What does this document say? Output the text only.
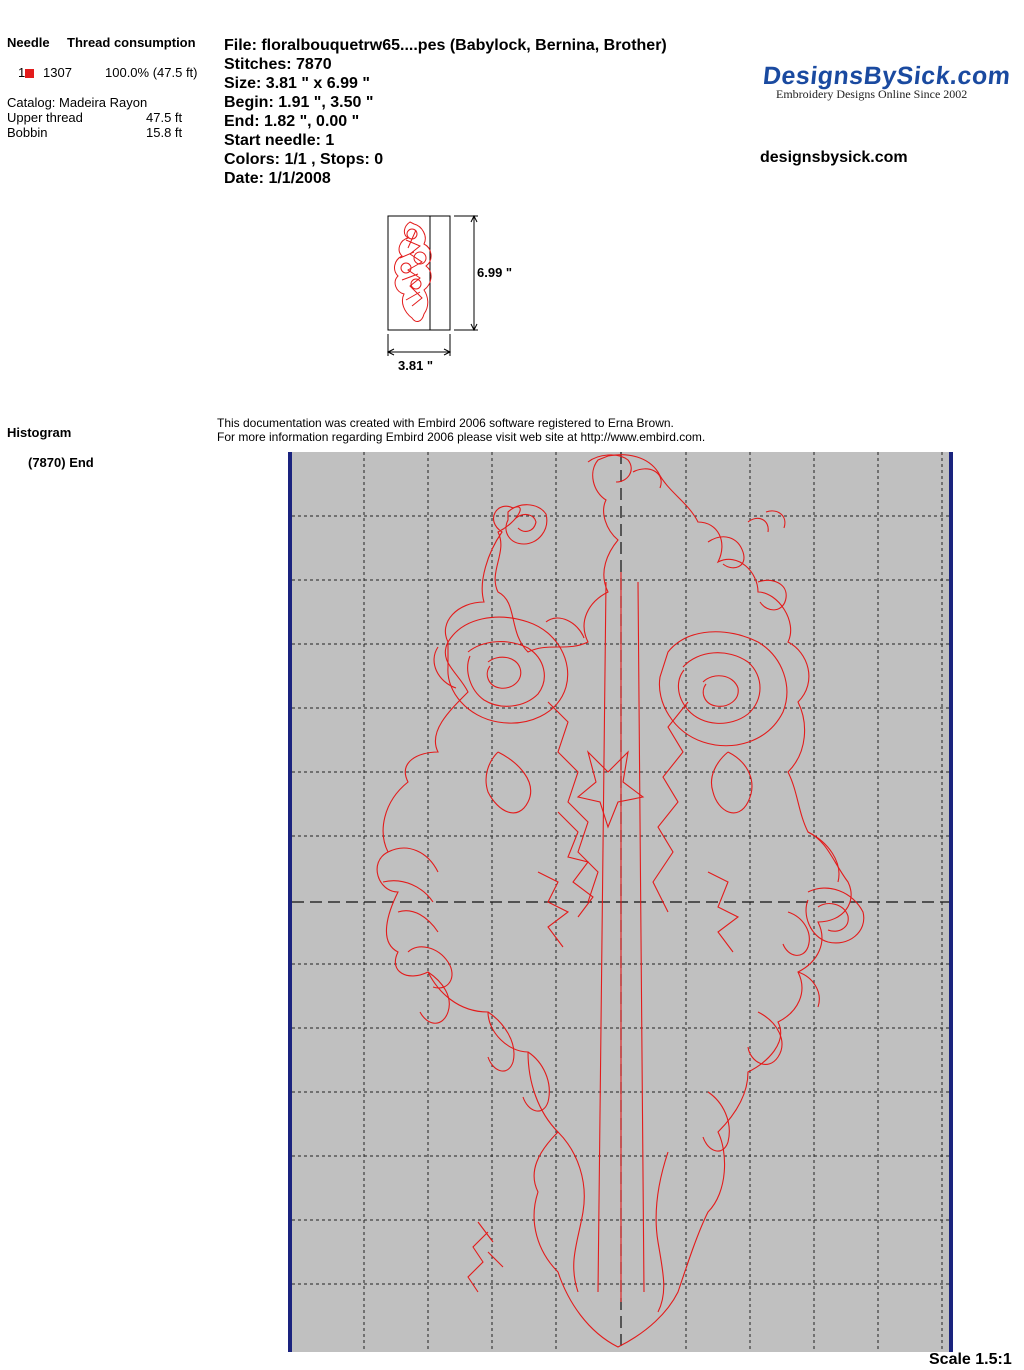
Needle Thread consumption
1	1307	100.0% (47.5 ft)
Catalog: Madeira Rayon
Upper thread	47.5 ft
Bobbin	15.8 ft
File: floralbouquetrw65....pes (Babylock, Bernina, Brother)
Stitches: 7870
Size: 3.81 " x 6.99 "
Begin: 1.91 ", 3.50 "
End: 1.82 ", 0.00 "
Start needle: 1
Colors: 1/1 , Stops: 0
Date: 1/1/2008
DesignsBySick.com
Embroidery Designs Online Since 2002
designsbysick.com
6.99 "
3.81 "
This documentation was created with Embird 2006 software registered to Erna Brown.
For more information regarding Embird 2006 please visit web site at http://www.embird.com.
Histogram
(7870) End
Scale 1.5:1
